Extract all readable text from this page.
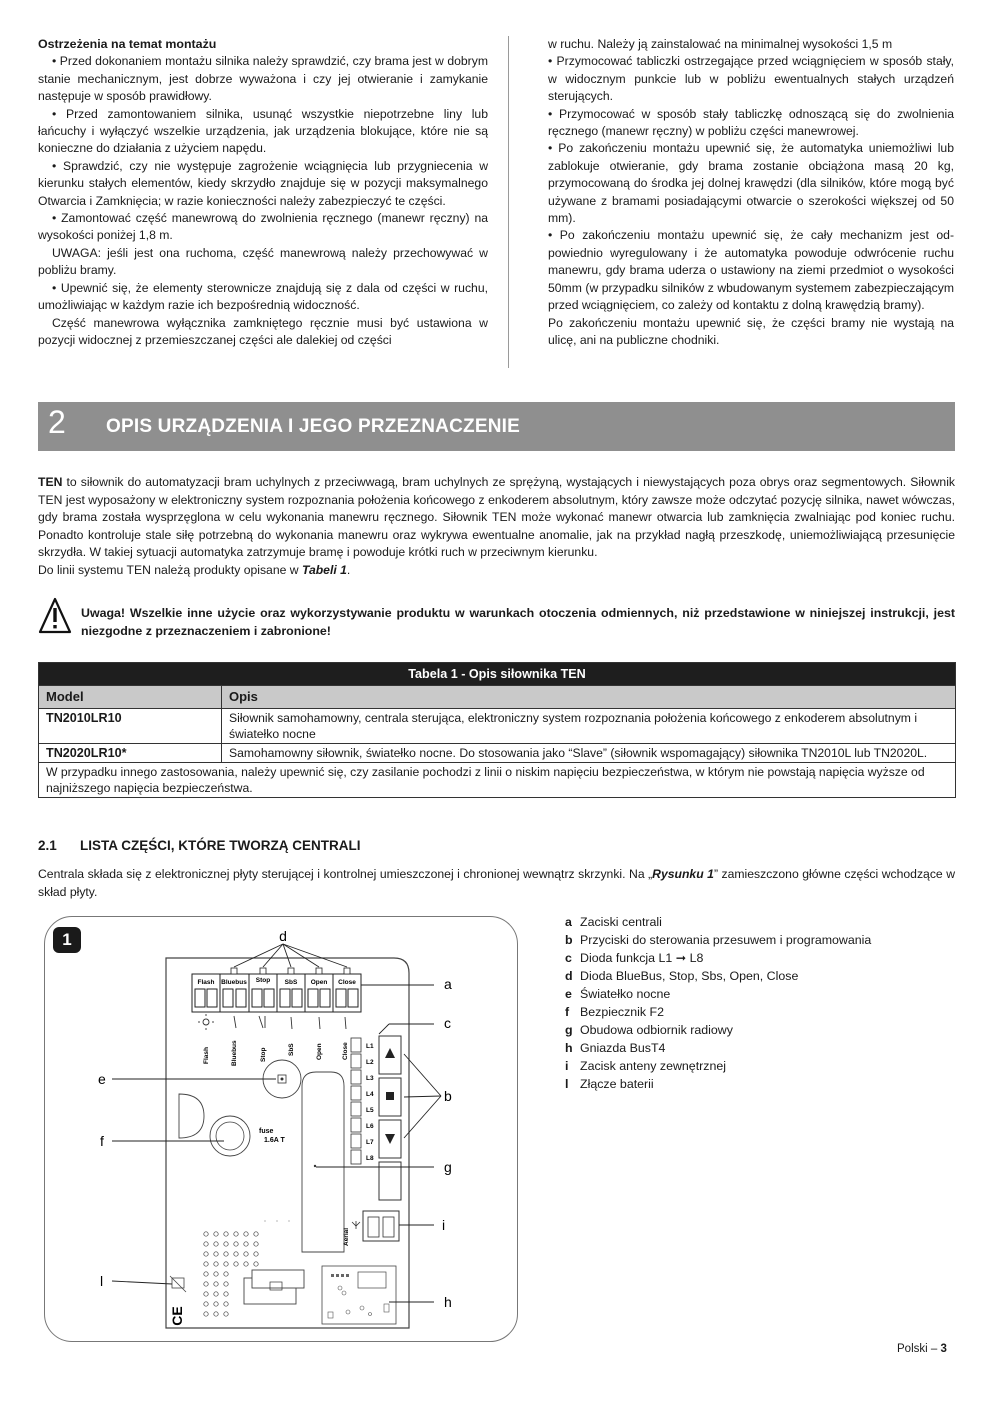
Ostrzeżenia na temat montażu

• Przed dokonaniem montażu silnika należy sprawdzić, czy brama jest w dobrym stanie mechanicznym, jest dobrze wyważona i czy jej otwieranie i zamykanie następuje w sposób prawidłowy.

• Przed zamontowaniem silnika, usunąć wszystkie niepotrzebne liny lub łańcuchy i wyłączyć wszelkie urządzenia, jak urządzenia blokujące, które nie są konieczne do działania z użyciem napędu.

• Sprawdzić, czy nie występuje zagrożenie wciągnięcia lub przygniecenia w kierunku stałych elementów, kiedy skrzydło znajduje się w pozycji maksymalnego Otwarcia i Zamknięcia; w razie konieczności należy zabezpieczyć te części.

• Zamontować część manewrową do zwolnienia ręcznego (manewr ręczny) na wysokości poniżej 1,8 m.

UWAGA: jeśli jest ona ruchoma, część manewrową należy przechowywać w pobliżu bramy.

• Upewnić się, że elementy sterownicze znajdują się z dala od części w ruchu, umożliwiając w każdym razie ich bezpośrednią widoczność.

Część manewrowa wyłącznika zamkniętego ręcznie musi być ustawiona w pozycji widocznej z przemieszczanej części ale dalekiej od części

w ruchu. Należy ją zainstalować na minimalnej wysokości 1,5 m

• Przymocować tabliczki ostrzegające przed wciągnięciem w sposób stały, w widocznym punkcie lub w pobliżu ewentualnych stałych urządzeń sterujących.

• Przymocować w sposób stały tabliczkę odnoszącą się do zwolnienia ręcznego (manewr ręczny) w pobliżu części manewrowej.

• Po zakończeniu montażu upewnić się, że automatyka uniemożliwi lub zablokuje otwieranie, gdy brama zostanie obciążona masą 20 kg, przymocowaną do środka jej dolnej krawędzi (dla silników, które mogą być używane z bramami posiadającymi otwarcie o szerokości większej od 50 mm).

• Po zakończeniu montażu upewnić się, że cały mechanizm jest odpowiednio wyregulowany i że automatyka powoduje odwrócenie ruchu manewru, gdy brama uderza o ustawiony na ziemi przedmiot o wysokości 50mm (w przypadku silników z wbudowanym systemem zabezpieczającym przed wciągnięciem, co zależy od kontaktu z dolną krawędzią bramy).

Po zakończeniu montażu upewnić się, że części bramy nie wystają na ulicę, ani na publiczne chodniki.

2	OPIS URZĄDZENIA I JEGO PRZEZNACZENIE

TEN to siłownik do automatyzacji bram uchylnych z przeciwwagą, bram uchylnych ze sprężyną, wystających i niewystających poza obrys oraz segmentowych. Siłownik TEN jest wyposażony w elektroniczny system rozpoznania położenia końcowego z enkoderem absolutnym, który zawsze może odczytać pozycję silnika, nawet wówczas, gdy brama została wysprzęglona w celu wykonania manewru ręcznego. Siłownik TEN może wykonać manewr otwarcia lub zamknięcia zwalniając pod koniec ruchu. Ponadto kontroluje stale siłę potrzebną do wykonania manewru oraz wykrywa ewentualne anomalie, jak na przykład nagłą przeszkodę, uniemożliwiającą przesunięcie skrzydła. W takiej sytuacji automatyka zatrzymuje bramę i powoduje krótki ruch w przeciwnym kierunku.

Do linii systemu TEN należą produkty opisane w Tabeli 1.

Uwaga! Wszelkie inne użycie oraz wykorzystywanie produktu w warunkach otoczenia odmiennych, niż przedstawione w niniejszej instrukcji, jest niezgodne z przeznaczeniem i zabronione!
Tabela 1 - Opis siłownika TEN	
Model	Opis
TN2010LR10	Siłownik samohamowny, centrala sterująca, elektroniczny system rozpoznania położenia końcowego z enkoderem absolutnym i światełko nocne
TN2020LR10*	Samohamowny siłownik, światełko nocne. Do stosowania jako “Slave” (siłownik wspomagający) siłownika TN2010L lub TN2020L.
W przypadku innego zastosowania, należy upewnić się, czy zasilanie pochodzi z linii o niskim napięciu bezpieczeństwa, w którym nie powstają napięcia wyższe od najniższego napięcia bezpieczeństwa.	
2.1 LISTA CZĘŚCI, KTÓRE TWORZĄ CENTRALI
Centrala składa się z elektronicznej płyty sterującej i kontrolnej umieszczonej i chronionej wewnątrz skrzynki. Na „Rysunku 1” zamieszczono główne części wchodzące w skład płyty.
1
Flash Bluebus Stop SbS Open Close
d
Flash	Bluebus	Stop	SbS	Open	Close	L1
L2
L3
L4
L5
L6
L7
L8
fuse
1.6A T
Aerial
CE
a
b
c
e
f
g
h
i
l
a Zaciski centrali
b Przyciski do sterowania przesuwem i programowania
c Dioda funkcja L1 ➞ L8
d Dioda BlueBus, Stop, Sbs, Open, Close
e Światełko nocne
f Bezpiecznik F2
g Obudowa odbiornik radiowy
h Gniazda BusT4
i Zacisk anteny zewnętrznej
l Złącze baterii
Polski – 3
